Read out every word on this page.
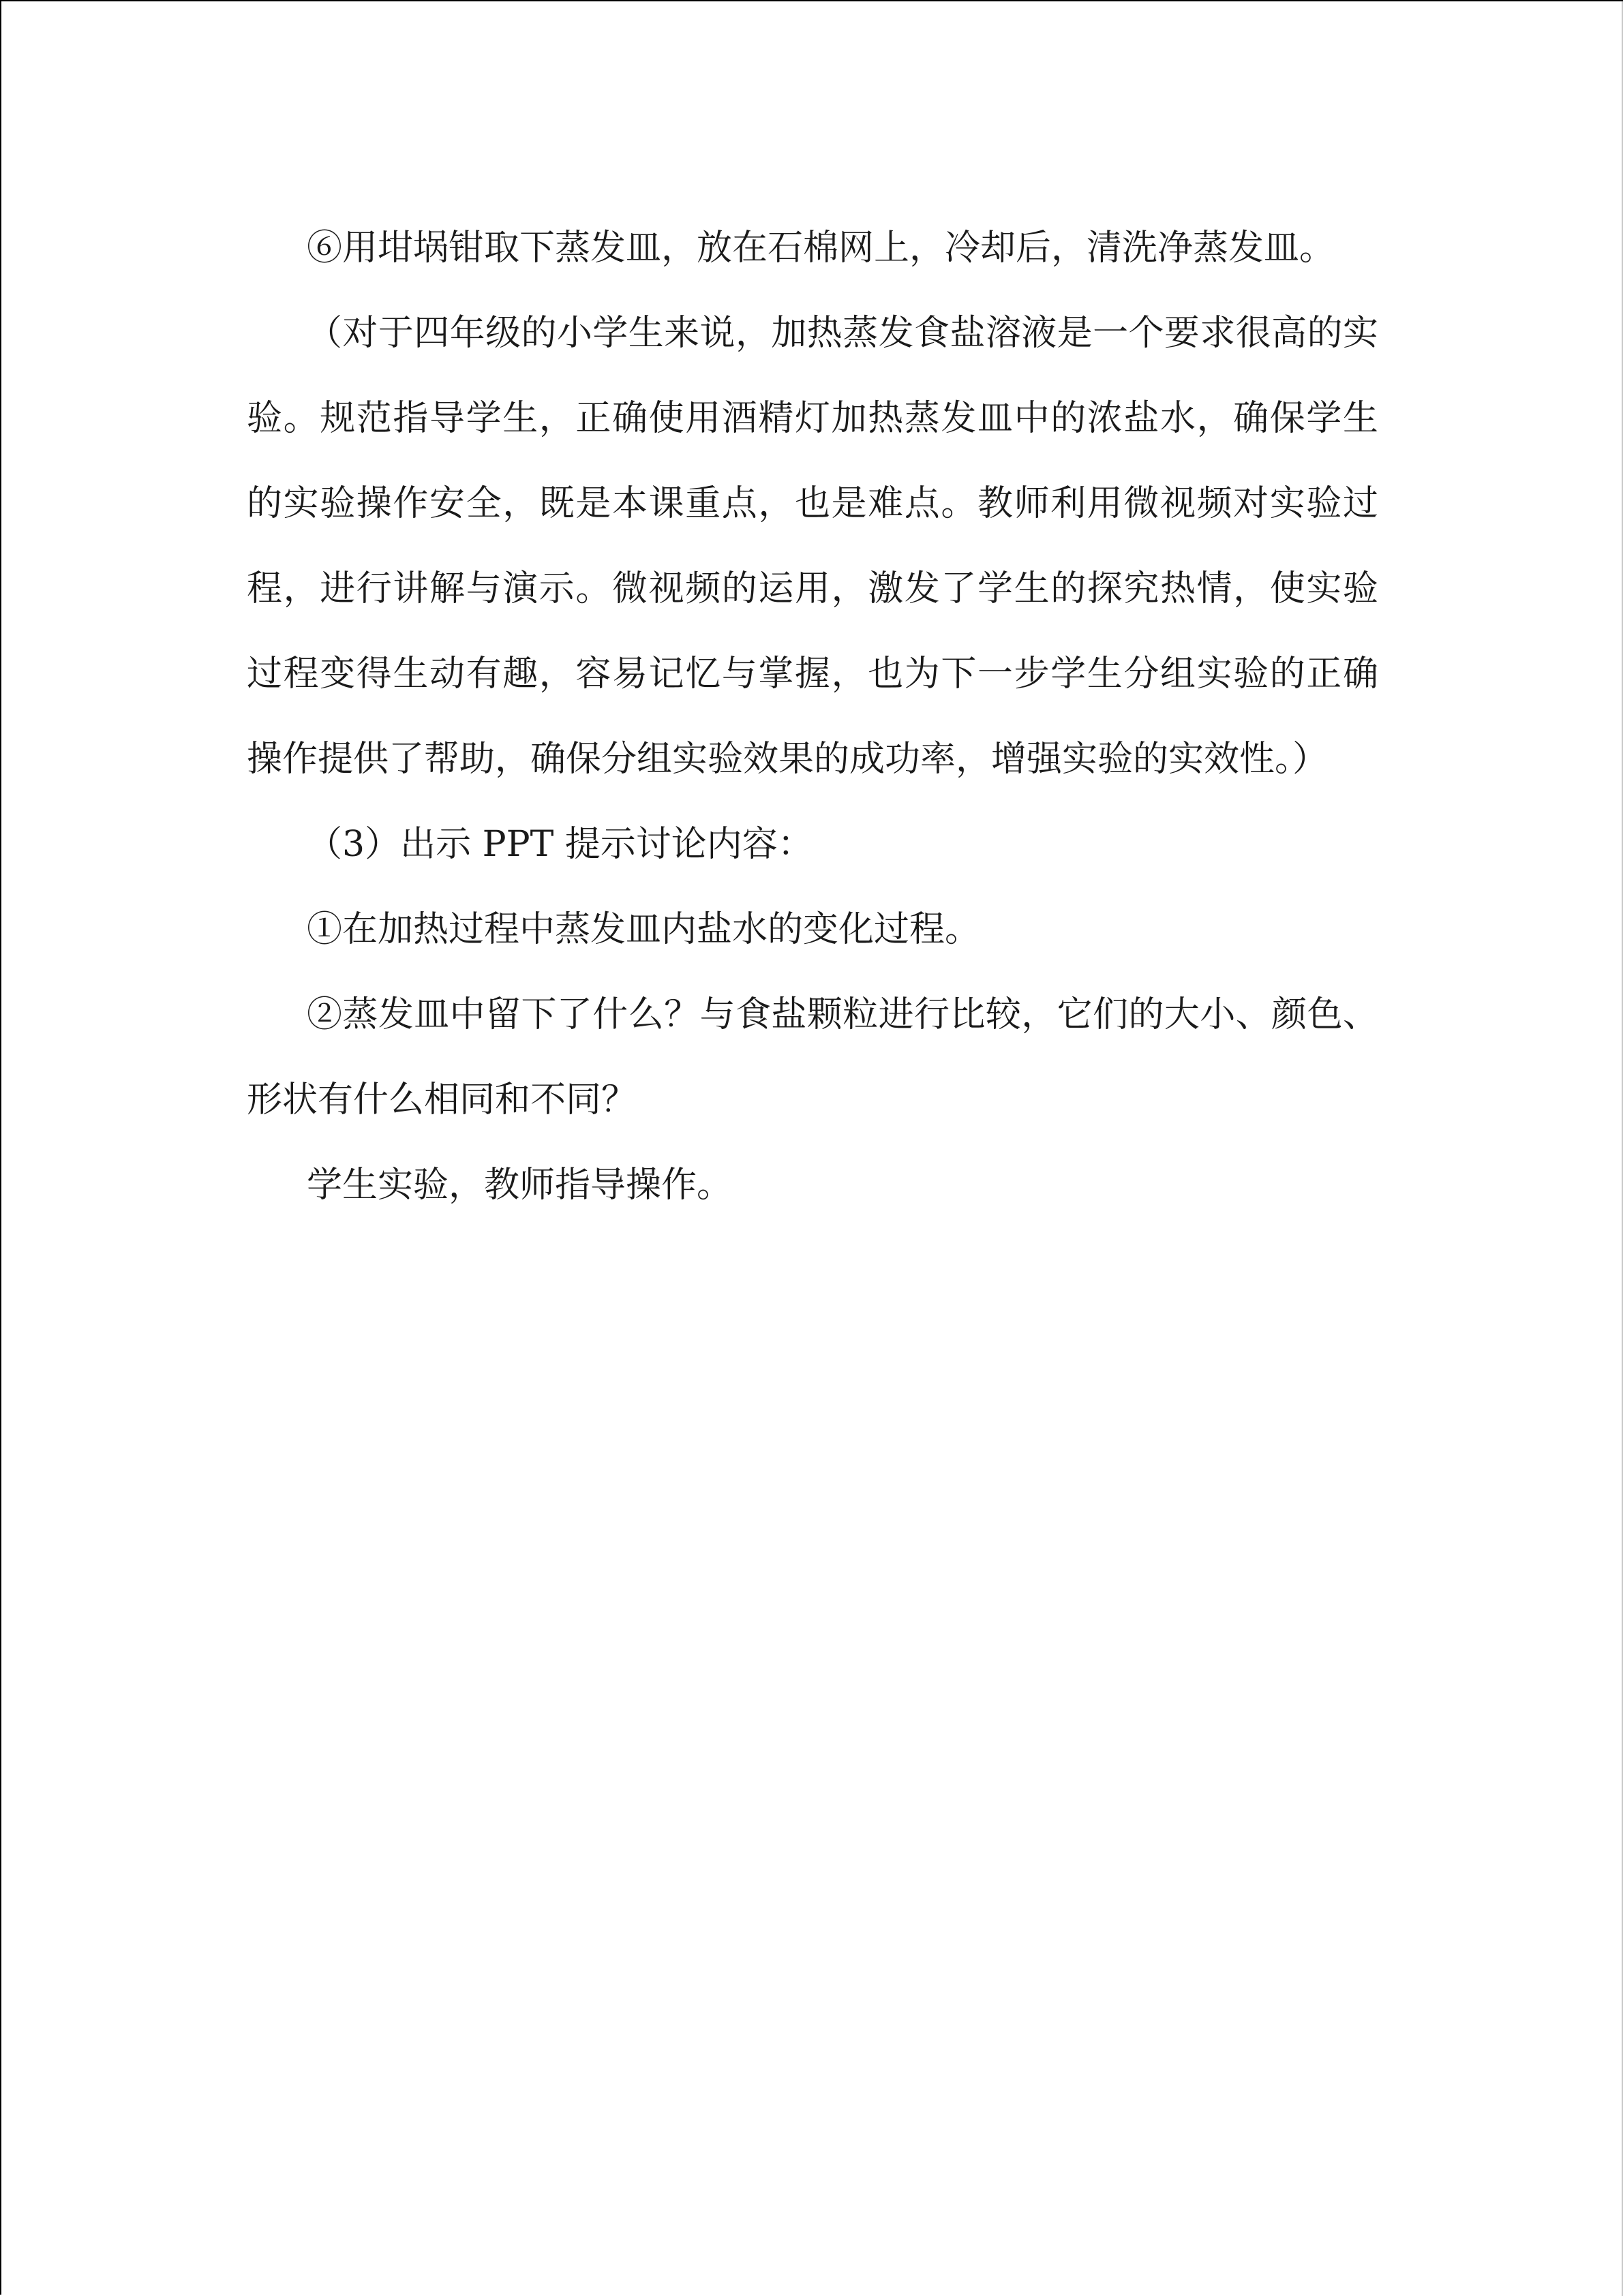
⑥用坩埚钳取下蒸发皿，放在石棉网上，冷却后，清洗净蒸发皿。

（对于四年级的小学生来说，加热蒸发食盐溶液是一个要求很高的实验。规范指导学生，正确使用酒精灯加热蒸发皿中的浓盐水，确保学生的实验操作安全，既是本课重点，也是难点。教师利用微视频对实验过程，进行讲解与演示。微视频的运用，激发了学生的探究热情，使实验过程变得生动有趣，容易记忆与掌握，也为下一步学生分组实验的正确操作提供了帮助，确保分组实验效果的成功率，增强实验的实效性。）

（3）出示 PPT 提示讨论内容：

①在加热过程中蒸发皿内盐水的变化过程。

②蒸发皿中留下了什么？与食盐颗粒进行比较，它们的大小、颜色、形状有什么相同和不同？

学生实验，教师指导操作。
